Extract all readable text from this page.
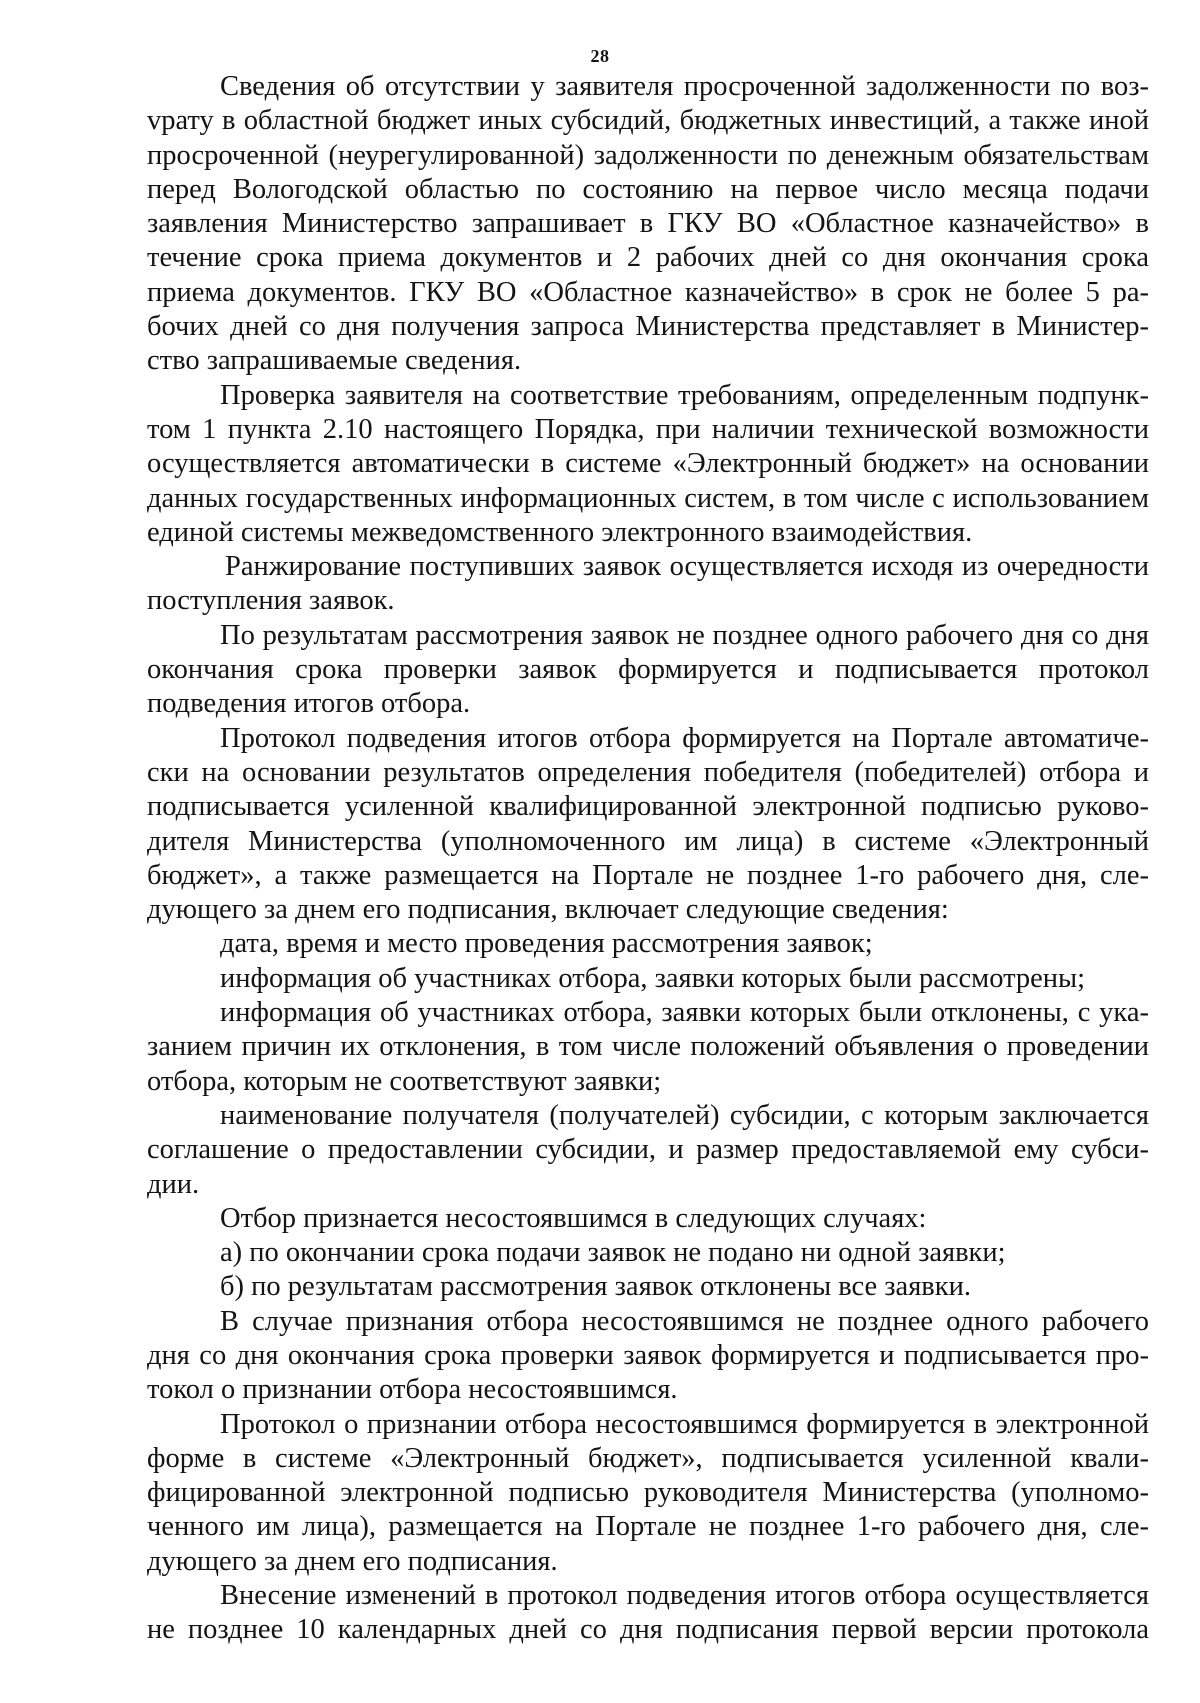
28

Сведения об отсутствии у заявителя просроченной задолженности по возvрату в областной бюджет иных субсидий, бюджетных инвестиций, а также иной просроченной (неурегулированной) задолженности по денежным обязательствам перед Вологодской областью по состоянию на первое число месяца подачи заявления Министерство запрашивает в ГКУ ВО «Областное казначейство» в течение срока приема документов и 2 рабочих дней со дня окончания срока приема документов. ГКУ ВО «Областное казначейство» в срок не более 5 рабочих дней со дня получения запроса Министерства представляет в Министерство запрашиваемые сведения.

Проверка заявителя на соответствие требованиям, определенным подпунктом 1 пункта 2.10 настоящего Порядка, при наличии технической возможности осуществляется автоматически в системе «Электронный бюджет» на основании данных государственных информационных систем, в том числе с использованием единой системы межведомственного электронного взаимодействия.

Ранжирование поступивших заявок осуществляется исходя из очередности поступления заявок.

По результатам рассмотрения заявок не позднее одного рабочего дня со дня окончания срока проверки заявок формируется и подписывается протокол подведения итогов отбора.

Протокол подведения итогов отбора формируется на Портале автоматически на основании результатов определения победителя (победителей) отбора и подписывается усиленной квалифицированной электронной подписью руководителя Министерства (уполномоченного им лица) в системе «Электронный бюджет», а также размещается на Портале не позднее 1-го рабочего дня, следующего за днем его подписания, включает следующие сведения:

дата, время и место проведения рассмотрения заявок;

информация об участниках отбора, заявки которых были рассмотрены;

информация об участниках отбора, заявки которых были отклонены, с указанием причин их отклонения, в том числе положений объявления о проведении отбора, которым не соответствуют заявки;

наименование получателя (получателей) субсидии, с которым заключается соглашение о предоставлении субсидии, и размер предоставляемой ему субсидии.

Отбор признается несостоявшимся в следующих случаях:

а) по окончании срока подачи заявок не подано ни одной заявки;

б) по результатам рассмотрения заявок отклонены все заявки.

В случае признания отбора несостоявшимся не позднее одного рабочего дня со дня окончания срока проверки заявок формируется и подписывается протокол о признании отбора несостоявшимся.

Протокол о признании отбора несостоявшимся формируется в электронной форме в системе «Электронный бюджет», подписывается усиленной квалифицированной электронной подписью руководителя Министерства (уполномоченного им лица), размещается на Портале не позднее 1-го рабочего дня, следующего за днем его подписания.

Внесение изменений в протокол подведения итогов отбора осуществляется не позднее 10 календарных дней со дня подписания первой версии протокола
